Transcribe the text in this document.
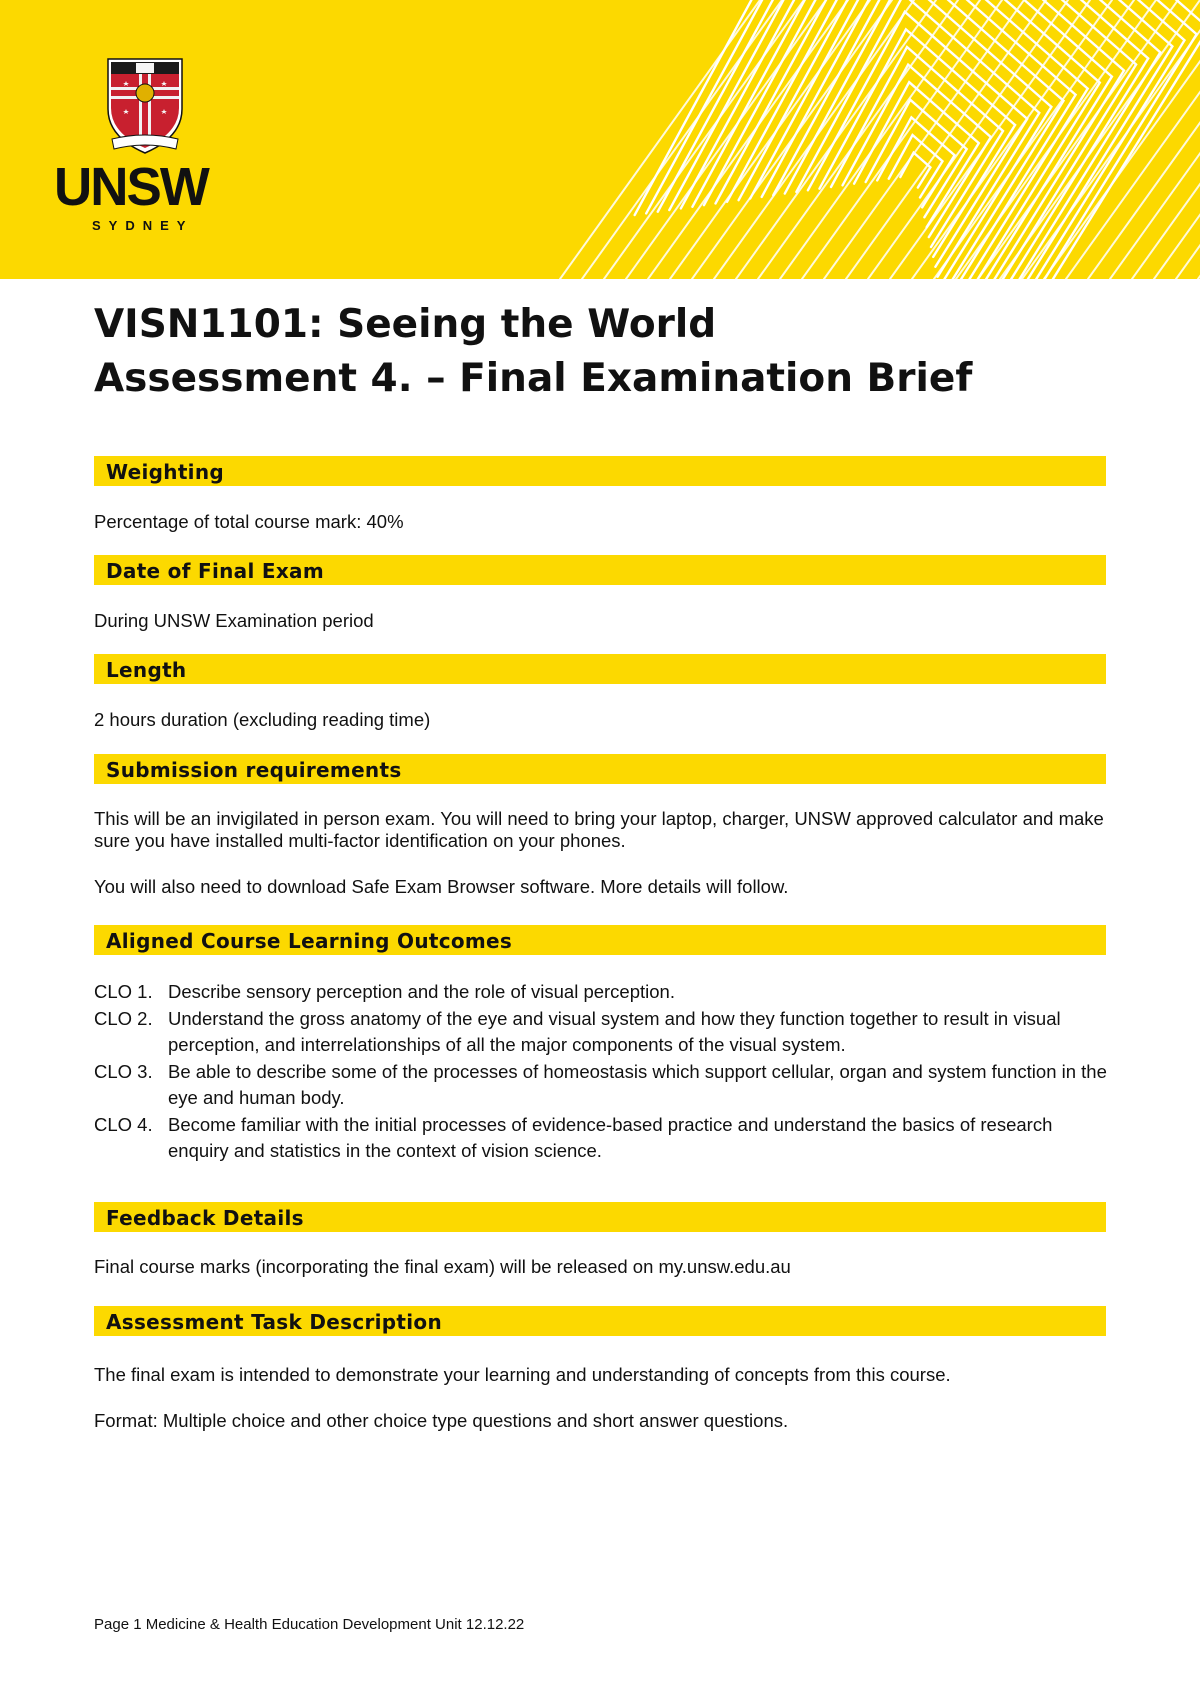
UNSW
SYDNEY
VISN1101: Seeing the World
Assessment 4. – Final Examination Brief
Weighting
Percentage of total course mark: 40%
Date of Final Exam
During UNSW Examination period
Length
2 hours duration (excluding reading time)
Submission requirements
This will be an invigilated in person exam. You will need to bring your laptop, charger, UNSW approved calculator and make sure you have installed multi-factor identification on your phones.
You will also need to download Safe Exam Browser software. More details will follow.
Aligned Course Learning Outcomes
CLO 1. Describe sensory perception and the role of visual perception.
CLO 2. Understand the gross anatomy of the eye and visual system and how they function together to result in visual perception, and interrelationships of all the major components of the visual system.
CLO 3. Be able to describe some of the processes of homeostasis which support cellular, organ and system function in the eye and human body.
CLO 4. Become familiar with the initial processes of evidence-based practice and understand the basics of research enquiry and statistics in the context of vision science.
Feedback Details
Final course marks (incorporating the final exam) will be released on my.unsw.edu.au
Assessment Task Description
The final exam is intended to demonstrate your learning and understanding of concepts from this course.
Format: Multiple choice and other choice type questions and short answer questions.
Page 1 Medicine & Health Education Development Unit 12.12.22
